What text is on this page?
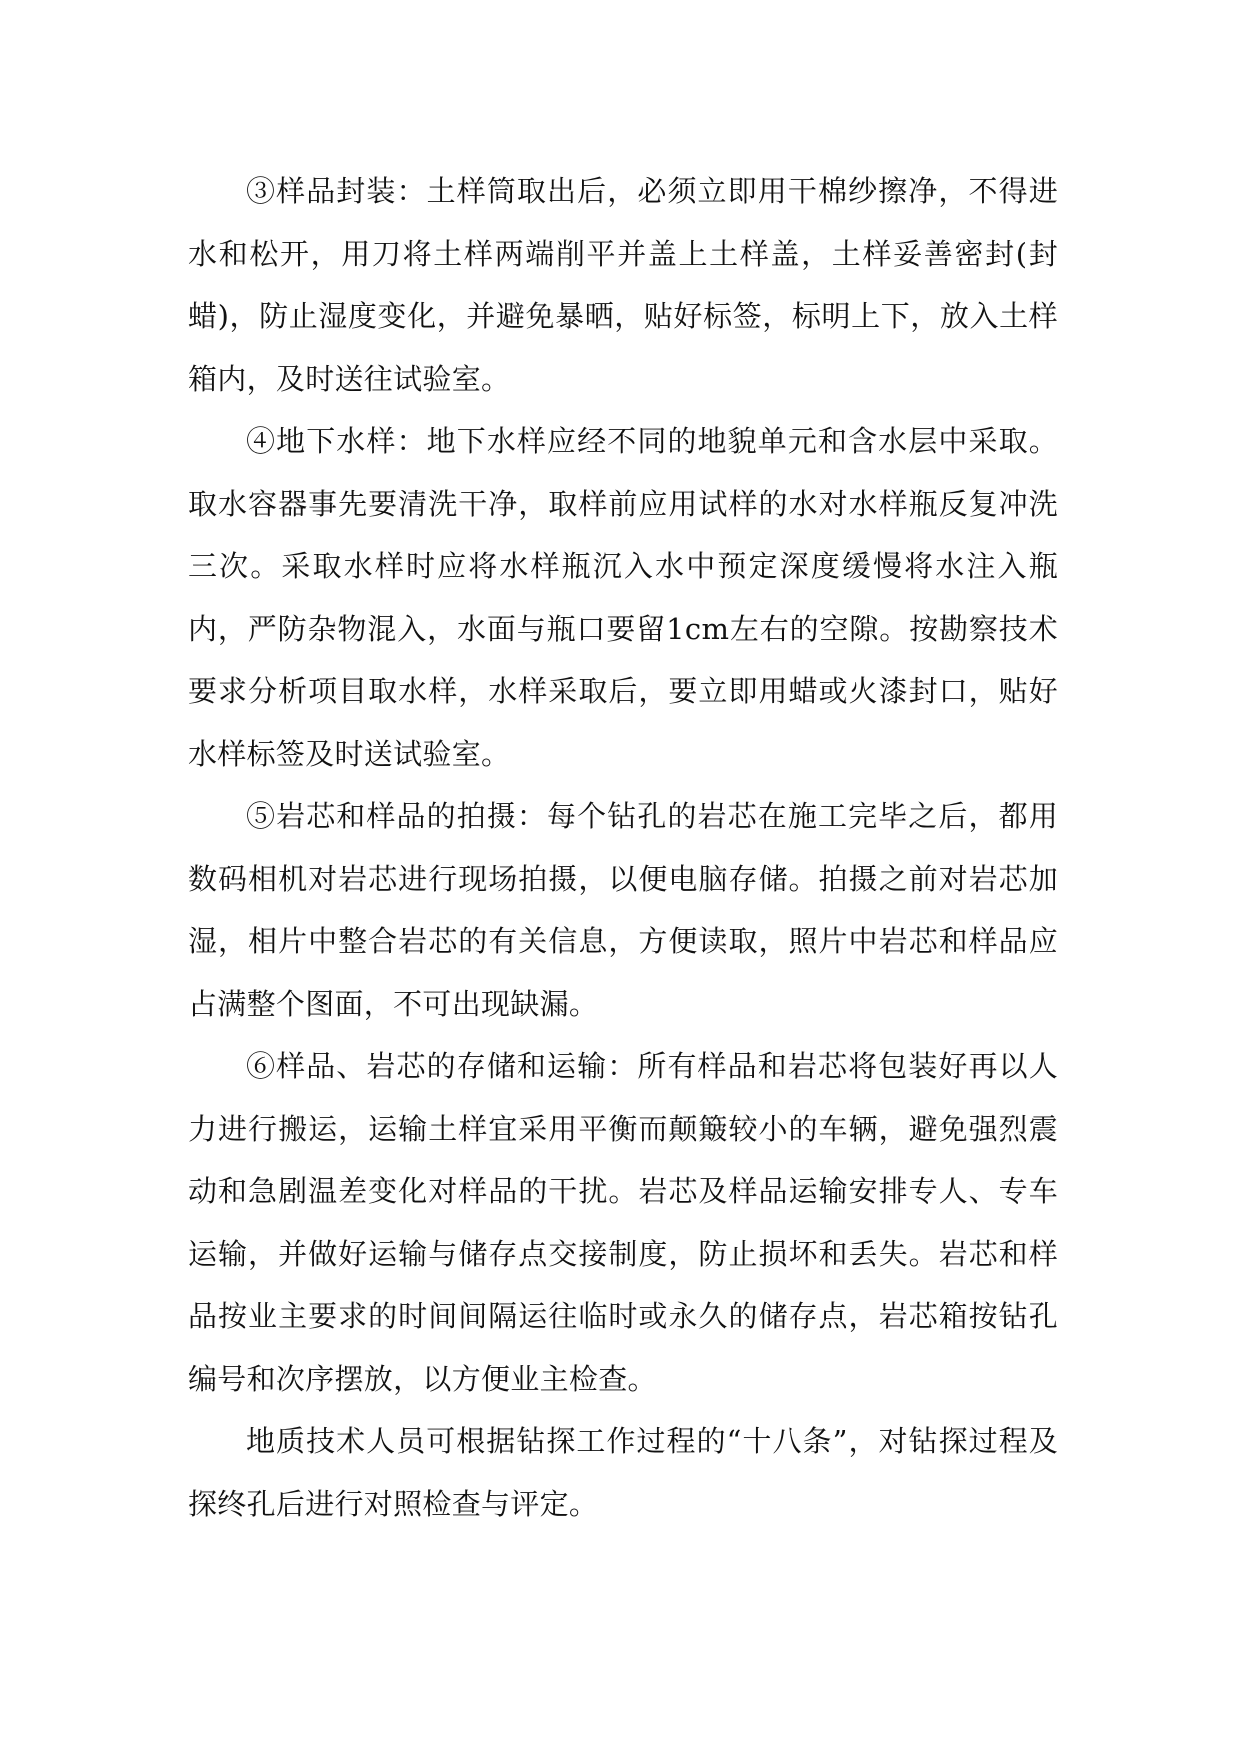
③样品封装：土样筒取出后，必须立即用干棉纱擦净，不得进水和松开，用刀将土样两端削平并盖上土样盖，土样妥善密封(封蜡)，防止湿度变化，并避免暴晒，贴好标签，标明上下，放入土样箱内，及时送往试验室。

④地下水样：地下水样应经不同的地貌单元和含水层中采取。取水容器事先要清洗干净，取样前应用试样的水对水样瓶反复冲洗三次。采取水样时应将水样瓶沉入水中预定深度缓慢将水注入瓶内，严防杂物混入，水面与瓶口要留1cm左右的空隙。按勘察技术要求分析项目取水样，水样采取后，要立即用蜡或火漆封口，贴好水样标签及时送试验室。

⑤岩芯和样品的拍摄：每个钻孔的岩芯在施工完毕之后，都用数码相机对岩芯进行现场拍摄，以便电脑存储。拍摄之前对岩芯加湿，相片中整合岩芯的有关信息，方便读取，照片中岩芯和样品应占满整个图面，不可出现缺漏。

⑥样品、岩芯的存储和运输：所有样品和岩芯将包装好再以人力进行搬运，运输土样宜采用平衡而颠簸较小的车辆，避免强烈震动和急剧温差变化对样品的干扰。岩芯及样品运输安排专人、专车运输，并做好运输与储存点交接制度，防止损坏和丢失。岩芯和样品按业主要求的时间间隔运往临时或永久的储存点，岩芯箱按钻孔编号和次序摆放，以方便业主检查。

地质技术人员可根据钻探工作过程的“十八条”，对钻探过程及探终孔后进行对照检查与评定。
